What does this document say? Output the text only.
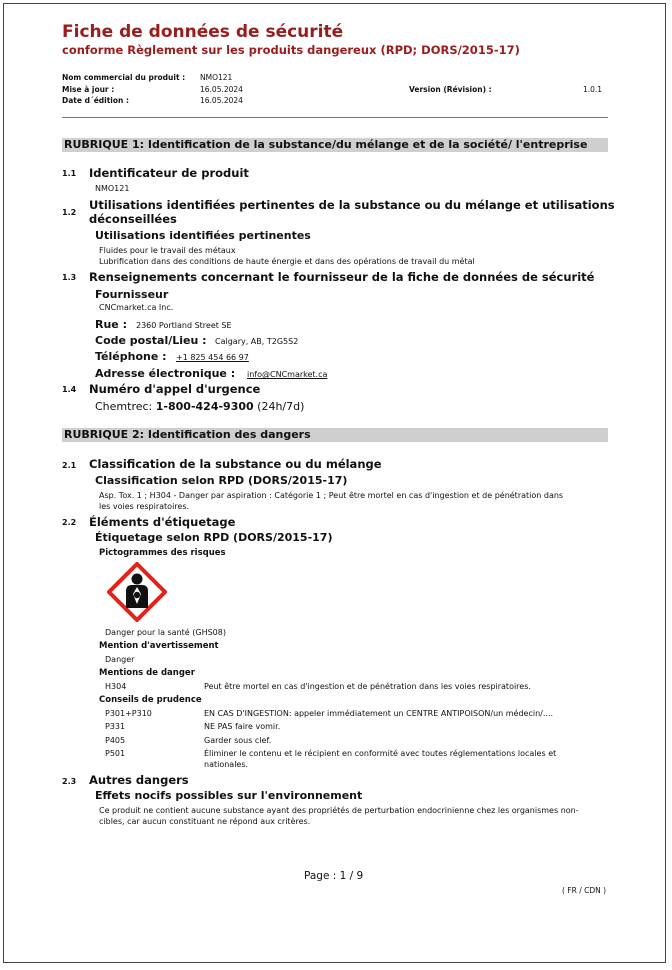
Fiche de données de sécurité
conforme Règlement sur les produits dangereux (RPD; DORS/2015-17)
Nom commercial du produit : NMO121
Mise à jour :	16.05.2024	Version (Révision) :	1.0.1
Date d´édition :	16.05.2024
RUBRIQUE 1: Identification de la substance/du mélange et de la société/ l'entreprise
1.1 Identificateur de produit
NMO121
1.2
Utilisations identifiées pertinentes de la substance ou du mélange et utilisations
déconseillées
Utilisations identifiées pertinentes
Fluides pour le travail des métaux
Lubrification dans des conditions de haute énergie et dans des opérations de travail du métal
1.3 Renseignements concernant le fournisseur de la fiche de données de sécurité
Fournisseur
CNCmarket.ca Inc.
Rue : 2360 Portland Street SE
Code postal/Lieu : Calgary, AB, T2G5S2
Téléphone : +1 825 454 66 97
Adresse électronique : info@CNCmarket.ca
1.4 Numéro d'appel d'urgence
Chemtrec: 1-800-424-9300 (24h/7d)
RUBRIQUE 2: Identification des dangers
2.1 Classification de la substance ou du mélange
Classification selon RPD (DORS/2015-17)
Asp. Tox. 1 ; H304 - Danger par aspiration : Catégorie 1 ; Peut être mortel en cas d'ingestion et de pénétration dans
les voies respiratoires.
2.2 Éléments d'étiquetage
Étiquetage selon RPD (DORS/2015-17)
Pictogrammes des risques
Danger pour la santé (GHS08)
Mention d'avertissement
Danger
Mentions de danger
H304	Peut être mortel en cas d'ingestion et de pénétration dans les voies respiratoires.
Conseils de prudence
P301+P310	EN CAS D'INGESTION: appeler immédiatement un CENTRE ANTIPOISON/un médecin/....
P331	NE PAS faire vomir.
P405	Garder sous clef.
P501	Éliminer le contenu et le récipient en conformité avec toutes réglementations locales et
nationales.
2.3 Autres dangers
Effets nocifs possibles sur l'environnement
Ce produit ne contient aucune substance ayant des propriétés de perturbation endocrinienne chez les organismes non-
cibles, car aucun constituant ne répond aux critères.
Page : 1 / 9
( FR / CDN )
